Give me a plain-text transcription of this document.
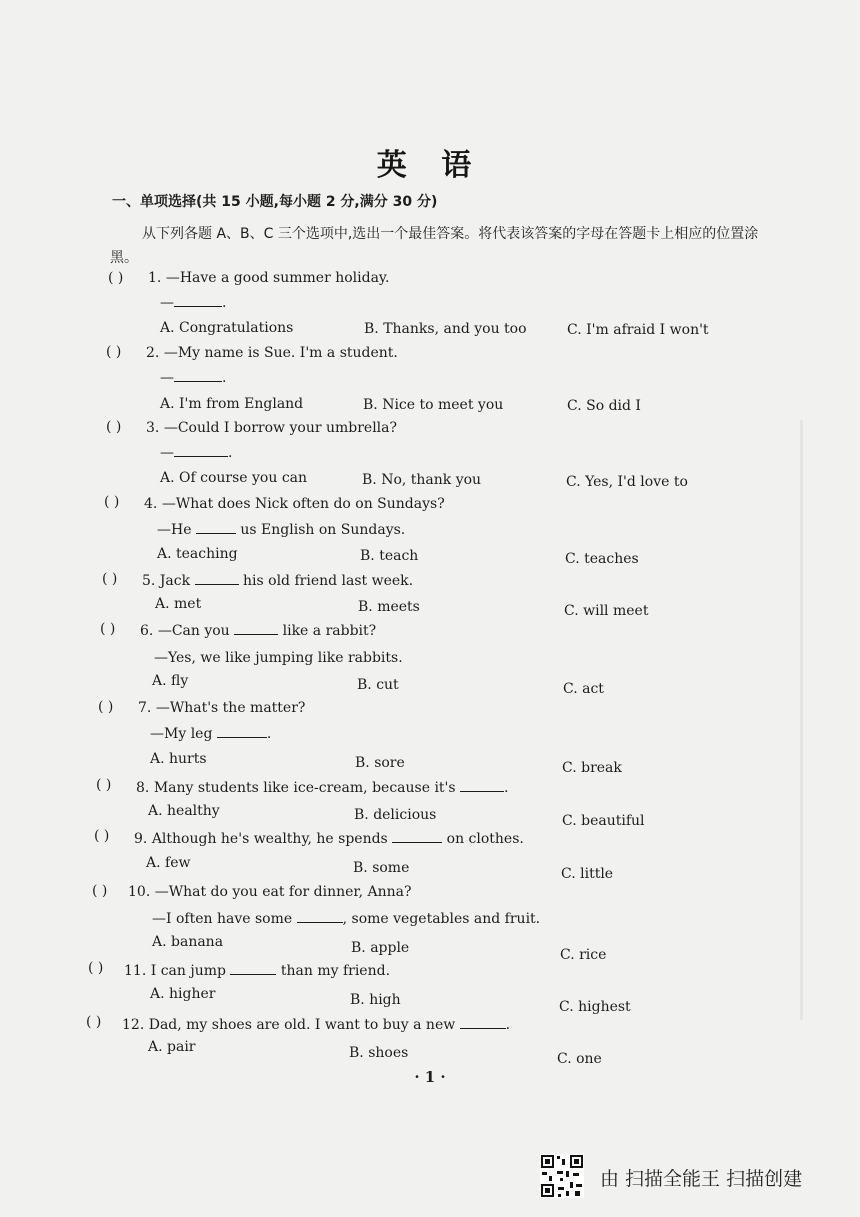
英 语
一、单项选择(共 15 小题,每小题 2 分,满分 30 分)
从下列各题 A、B、C 三个选项中,选出一个最佳答案。将代表该答案的字母在答题卡上相应的位置涂黑。
( ) 1. —Have a good summer holiday.
—	.
A. Congratulations	B. Thanks, and you too	C. I'm afraid I won't
( ) 2. —My name is Sue. I'm a student.
—	.
A. I'm from England	B. Nice to meet you	C. So did I
( ) 3. —Could I borrow your umbrella?
—	.
A. Of course you can	B. No, thank you	C. Yes, I'd love to
( ) 4. —What does Nick often do on Sundays?
—He	us English on Sundays.
A. teaching	B. teach	C. teaches
( ) 5. Jack	his old friend last week.
A. met	B. meets	C. will meet
( ) 6. —Can you	like a rabbit?
—Yes, we like jumping like rabbits.
A. fly	B. cut	C. act
( ) 7. —What's the matter?
—My leg	.
A. hurts	B. sore	C. break
( ) 8. Many students like ice-cream, because it's	.
A. healthy	B. delicious	C. beautiful
( ) 9. Although he's wealthy, he spends	on clothes.
A. few	B. some	C. little
( ) 10. —What do you eat for dinner, Anna?
—I often have some	, some vegetables and fruit.
A. banana	B. apple	C. rice
( ) 11. I can jump	than my friend.
A. higher	B. high	C. highest
( ) 12. Dad, my shoes are old. I want to buy a new	.
A. pair	B. shoes	C. one
· 1 ·
由 扫描全能王 扫描创建
